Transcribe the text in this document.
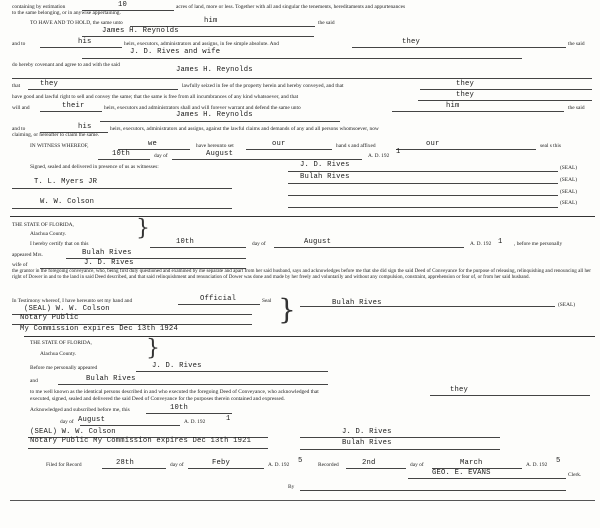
containing by estimation	10	acres of land, more or less. Together with all and singular the tenements, hereditaments and appurtenances
to the same belonging, or in anywise appertaining.
TO HAVE AND TO HOLD, the same unto	him	the said
James H. Reynolds
and to	his	heirs, executors, administrators and assigns, in fee simple absolute. And	they	the said
J. D. Rives and wife
do hereby covenant and agree to and with the said
James H. Reynolds
that	they	lawfully seized in fee of the property herein and hereby conveyed, and that	they
have good and lawful right to sell and convey the same; that the same is free from all incumbrances of any kind whatsoever, and that	they
will and	their	heirs, executors and administrators shall and will forever warrant and defend the same unto	him	the said
James H. Reynolds
and to	his	heirs, executors, administrators and assigns, against the lawful claims and demands of any and all persons whomsoever, now
claiming, or hereafter to claim the same.
IN WITNESS WHEREOF,	we	have hereunto set	our	hand s and affixed	our	seal s this
10th	day of	August	A. D. 192 1
Signed, sealed and delivered in presence of us as witnesses:	J. D. Rives	(SEAL)
T. L. Myers JR
Bulah Rives	(SEAL)
(SEAL)
W. W. Colson	(SEAL)
THE STATE OF FLORIDA,	}
Alachua County.
I hereby certify that on this	10th	day of	August	A. D. 192 1 , before me personally
appeared Mrs.	Bulah Rives
wife of	J. D. Rives
the grantor in the foregoing conveyance, who, being first duly questioned and examined by me separate and apart from her said husband, says and acknowledges before me that she did sign the said Deed of Conveyance for the purpose of releasing, relinquishing and renouncing all her right of Dower in and to the land in said Deed described, and that said relinquishment and renunciation of Dower was done and made by her freely and voluntarily and without any compulsion, constraint, apprehension or fear of, or from her said husband.
In Testimony whereof, I have hereunto set my hand and	Official	Seal }
(SEAL) W. W. Colson
Bulah Rives	(SEAL)
Notary Public
My Commission expires Dec 13th 1924
THE STATE OF FLORIDA, }
Alachua County.
Before me personally appeared	J. D. Rives
and	Bulah Rives
to me well known as the identical persons described in and who executed the foregoing Deed of Conveyance, who acknowledged that	they
executed, signed, sealed and delivered the said Deed of Conveyance for the purposes therein contained and expressed.
Acknowledged and subscribed before me, this	10th
day of August	A. D. 192	1
(SEAL) W. W. Colson	J. D. Rives
Notary Public My Commission expires Dec 13th 1921	Bulah Rives
Filed for Record	28th	day of	Feby	A. D. 192 5	Recorded	2nd	day of	March	A. D. 192 5
GEO. E. EVANS	Clerk.
By
